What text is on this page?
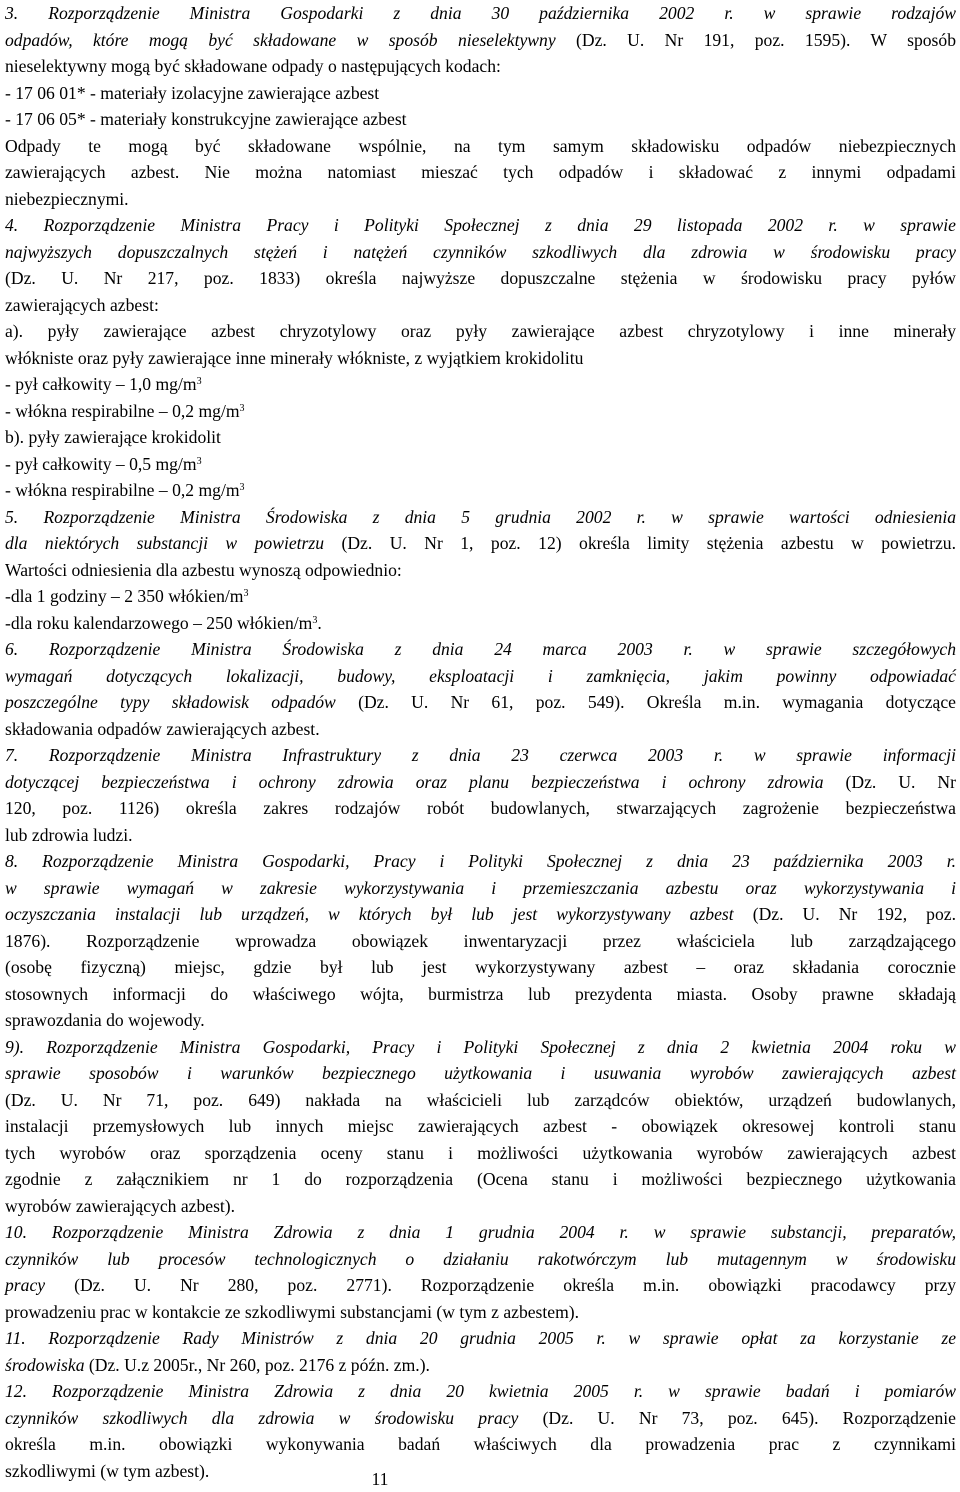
3. Rozporządzenie Ministra Gospodarki z dnia 30 października 2002 r. w sprawie rodzajów
odpadów, które mogą być składowane w sposób nieselektywny (Dz. U. Nr 191, poz. 1595). W sposób
nieselektywny mogą być składowane odpady o następujących kodach:
- 17 06 01* - materiały izolacyjne zawierające azbest
- 17 06 05* - materiały konstrukcyjne zawierające azbest
Odpady te mogą być składowane wspólnie, na tym samym składowisku odpadów niebezpiecznych
zawierających azbest. Nie można natomiast mieszać tych odpadów i składować z innymi odpadami
niebezpiecznymi.
4. Rozporządzenie Ministra Pracy i Polityki Społecznej z dnia 29 listopada 2002 r. w sprawie
najwyższych dopuszczalnych stężeń i natężeń czynników szkodliwych dla zdrowia w środowisku pracy
(Dz. U. Nr 217, poz. 1833) określa najwyższe dopuszczalne stężenia w środowisku pracy pyłów
zawierających azbest:
a). pyły zawierające azbest chryzotylowy oraz pyły zawierające azbest chryzotylowy i inne minerały
włókniste oraz pyły zawierające inne minerały włókniste, z wyjątkiem krokidolitu
- pył całkowity – 1,0 $mg/m^3$
- włókna respirabilne – 0,2 $mg/m^3$
b). pyły zawierające krokidolit
- pył całkowity – 0,5 $mg/m^3$
- włókna respirabilne – 0,2 $mg/m^3$
5. Rozporządzenie Ministra Środowiska z dnia 5 grudnia 2002 r. w sprawie wartości odniesienia
dla niektórych substancji w powietrzu (Dz. U. Nr 1, poz. 12) określa limity stężenia azbestu w powietrzu.
Wartości odniesienia dla azbestu wynoszą odpowiednio:
-dla 1 godziny – 2 350 włókien/$m^3$
-dla roku kalendarzowego – 250 włókien/$m^3$.
6. Rozporządzenie Ministra Środowiska z dnia 24 marca 2003 r. w sprawie szczegółowych
wymagań dotyczących lokalizacji, budowy, eksploatacji i zamknięcia, jakim powinny odpowiadać
poszczególne typy składowisk odpadów (Dz. U. Nr 61, poz. 549). Określa m.in. wymagania dotyczące
składowania odpadów zawierających azbest.
7. Rozporządzenie Ministra Infrastruktury z dnia 23 czerwca 2003 r. w sprawie informacji
dotyczącej bezpieczeństwa i ochrony zdrowia oraz planu bezpieczeństwa i ochrony zdrowia (Dz. U. Nr
120, poz. 1126) określa zakres rodzajów robót budowlanych, stwarzających zagrożenie bezpieczeństwa
lub zdrowia ludzi.
8. Rozporządzenie Ministra Gospodarki, Pracy i Polityki Społecznej z dnia 23 października 2003 r.
w sprawie wymagań w zakresie wykorzystywania i przemieszczania azbestu oraz wykorzystywania i
oczyszczania instalacji lub urządzeń, w których był lub jest wykorzystywany azbest (Dz. U. Nr 192, poz.
1876). Rozporządzenie wprowadza obowiązek inwentaryzacji przez właściciela lub zarządzającego
(osobę fizyczną) miejsc, gdzie był lub jest wykorzystywany azbest – oraz składania corocznie
stosownych informacji do właściwego wójta, burmistrza lub prezydenta miasta. Osoby prawne składają
sprawozdania do wojewody.
9). Rozporządzenie Ministra Gospodarki, Pracy i Polityki Społecznej z dnia 2 kwietnia 2004 roku w
sprawie sposobów i warunków bezpiecznego użytkowania i usuwania wyrobów zawierających azbest
(Dz. U. Nr 71, poz. 649) nakłada na właścicieli lub zarządców obiektów, urządzeń budowlanych,
instalacji przemysłowych lub innych miejsc zawierających azbest - obowiązek okresowej kontroli stanu
tych wyrobów oraz sporządzenia oceny stanu i możliwości użytkowania wyrobów zawierających azbest
zgodnie z załącznikiem nr 1 do rozporządzenia (Ocena stanu i możliwości bezpiecznego użytkowania
wyrobów zawierających azbest).
10. Rozporządzenie Ministra Zdrowia z dnia 1 grudnia 2004 r. w sprawie substancji, preparatów,
czynników lub procesów technologicznych o działaniu rakotwórczym lub mutagennym w środowisku
pracy (Dz. U. Nr 280, poz. 2771). Rozporządzenie określa m.in. obowiązki pracodawcy przy
prowadzeniu prac w kontakcie ze szkodliwymi substancjami (w tym z azbestem).
11. Rozporządzenie Rady Ministrów z dnia 20 grudnia 2005 r. w sprawie opłat za korzystanie ze
środowiska (Dz. U.z 2005r., Nr 260, poz. 2176 z późn. zm.).
12. Rozporządzenie Ministra Zdrowia z dnia 20 kwietnia 2005 r. w sprawie badań i pomiarów
czynników szkodliwych dla zdrowia w środowisku pracy (Dz. U. Nr 73, poz. 645). Rozporządzenie
określa m.in. obowiązki wykonywania badań właściwych dla prowadzenia prac z czynnikami
szkodliwymi (w tym azbest).	11
